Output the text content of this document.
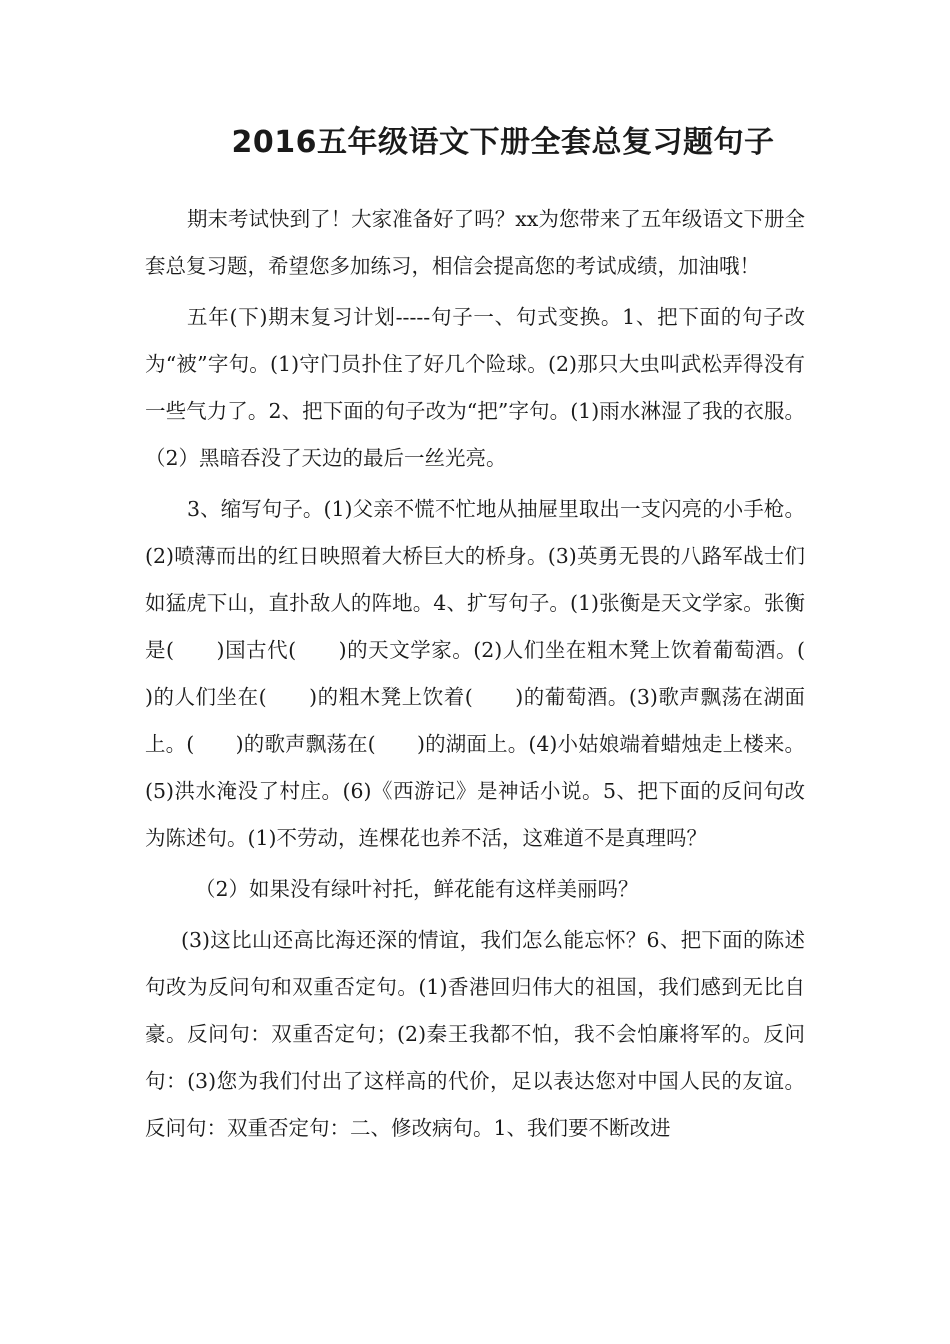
2016五年级语文下册全套总复习题句子

期末考试快到了！大家准备好了吗？xx为您带来了五年级语文下册全套总复习题，希望您多加练习，相信会提高您的考试成绩，加油哦！

五年(下)期末复习计划-----句子一、句式变换。1、把下面的句子改为“被”字句。(1)守门员扑住了好几个险球。(2)那只大虫叫武松弄得没有一些气力了。2、把下面的句子改为“把”字句。(1)雨水淋湿了我的衣服。（2）黑暗吞没了天边的最后一丝光亮。

3、缩写句子。(1)父亲不慌不忙地从抽屉里取出一支闪亮的小手枪。(2)喷薄而出的红日映照着大桥巨大的桥身。(3)英勇无畏的八路军战士们如猛虎下山，直扑敌人的阵地。4、扩写句子。(1)张衡是天文学家。张衡是(　　)国古代(　　)的天文学家。(2)人们坐在粗木凳上饮着葡萄酒。(　　)的人们坐在(　　)的粗木凳上饮着(　　)的葡萄酒。(3)歌声飘荡在湖面上。(　　)的歌声飘荡在(　　)的湖面上。(4)小姑娘端着蜡烛走上楼来。(5)洪水淹没了村庄。(6)《西游记》是神话小说。5、把下面的反问句改为陈述句。(1)不劳动，连棵花也养不活，这难道不是真理吗？

（2）如果没有绿叶衬托，鲜花能有这样美丽吗？

(3)这比山还高比海还深的情谊，我们怎么能忘怀？6、把下面的陈述句改为反问句和双重否定句。(1)香港回归伟大的祖国，我们感到无比自豪。反问句：双重否定句；(2)秦王我都不怕，我不会怕廉将军的。反问句：(3)您为我们付出了这样高的代价，足以表达您对中国人民的友谊。反问句：双重否定句：二、修改病句。1、我们要不断改进
